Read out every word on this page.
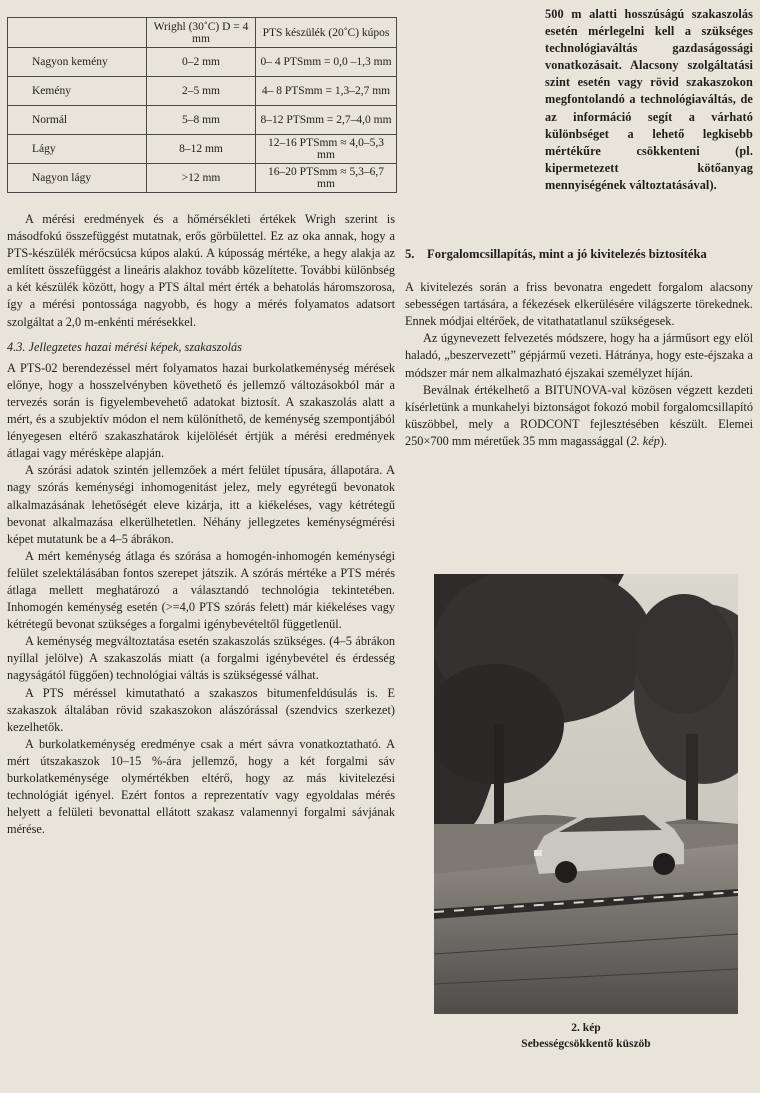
	Wrighl (30˚C) D = 4 mm	PTS készülék (20˚C) kúpos
Nagyon kemény	0–2 mm	0– 4 PTSmm = 0,0 –1,3 mm
Kemény	2–5 mm	4– 8 PTSmm = 1,3–2,7 mm
Normál	5–8 mm	8–12 PTSmm = 2,7–4,0 mm
Lágy	8–12 mm	12–16 PTSmm ≈ 4,0–5,3 mm
Nagyon lágy	>12 mm	16–20 PTSmm ≈ 5,3–6,7 mm

A mérési eredmények és a hőmérsékleti értékek Wrigh szerint is másodfokú összefüggést mutatnak, erős görbülettel. Ez az oka annak, hogy a PTS-készülék mérőcsúcsa kúpos alakú. A kúposság mértéke, a hegy alakja az említett összefüggést a lineáris alakhoz tovább közelítette. További különbség a két készülék között, hogy a PTS által mért érték a behatolás háromszorosa, így a mérési pontossága nagyobb, és hogy a mérés folyamatos adatsort szolgáltat a 2,0 m-enkénti mérésekkel.

4.3. Jellegzetes hazai mérési képek, szakaszolás

A PTS-02 berendezéssel mért folyamatos hazai burkolatkeménység mérések előnye, hogy a hosszelvényben követhető és jellemző változásokból már a tervezés során is figyelembevehető adatokat biztosít. A szakaszolás alatt a mért, és a szubjektív módon el nem különíthető, de keménység szempontjából lényegesen eltérő szakaszhatárok kijelölését értjük a mérési eredmények átlagai vagy méréskèpe alapján.

A szórási adatok szintén jellemzőek a mért felület típusára, állapotára. A nagy szórás keménységi inhomogenitást jelez, mely egyrétegű bevonatok alkalmazásának lehetőségét eleve kizárja, itt a kiékeléses, vagy kétrétegű bevonat alkalmazása elkerülhetetlen. Néhány jellegzetes keménységmérési képet mutatunk be a 4–5 ábrákon.

A mért keménység átlaga és szórása a homogén-inhomogén keménységi felület szelektálásában fontos szerepet játszik. A szórás mértéke a PTS mérés átlaga mellett meghatározó a választandó technológia tekintetében. Inhomogén keménység esetén (>=4,0 PTS szórás felett) már kiékeléses vagy kétrétegű bevonat szükséges a forgalmi igénybevételtől függetlenül.

A keménység megváltoztatása esetén szakaszolás szükséges. (4–5 ábrákon nyíllal jelölve) A szakaszolás miatt (a forgalmi igénybevétel és érdesség nagyságától függően) technológiai váltás is szükségessé válhat.

A PTS méréssel kimutatható a szakaszos bitumenfeldúsulás is. E szakaszok általában rövid szakaszokon alászórással (szendvics szerkezet) kezelhetők.

A burkolatkeménység eredménye csak a mért sávra vonatkoztatható. A mért útszakaszok 10–15 %-ára jellemző, hogy a két forgalmi sáv burkolatkeménysége olymértékben eltérő, hogy az más kivitelezési technológiát igényel. Ezért fontos a reprezentatív vagy egyoldalas mérés helyett a felületi bevonattal ellátott szakasz valamennyi forgalmi sávjának mérése.

500 m alatti hosszúságú szakaszolás esetén mérlegelni kell a szükséges technológiaváltás gazdaságossági vonatkozásait. Alacsony szolgáltatási szint esetén vagy rövid szakaszokon megfontolandó a technológiaváltás, de az információ segít a várható különbséget a lehető legkisebb mértékűre csökkenteni (pl. kipermetezett kötőanyag mennyiségének változtatásával).

5. Forgalomcsillapítás, mint a jó kivitelezés biztosítéka

A kivitelezés során a friss bevonatra engedett forgalom alacsony sebességen tartására, a fékezések elkerülésére világszerte törekednek. Ennek módjai eltérőek, de vitathatatlanul szükségesek.

Az úgynevezett felvezetés módszere, hogy ha a járműsort egy elöl haladó, „beszervezett” gépjármű vezeti. Hátránya, hogy este-éjszaka a módszer már nem alkalmazható éjszakai személyzet híján.

Beválnak értékelhető a BITUNOVA-val közösen végzett kezdeti kísérletünk a munkahelyi biztonságot fokozó mobil forgalomcsillapító küszöbbel, mely a RODCONT fejlesztésében készült. Elemei 250×700 mm méretűek 35 mm magassággal (2. kép).

2. kép
Sebességcsökkentő küszöb
